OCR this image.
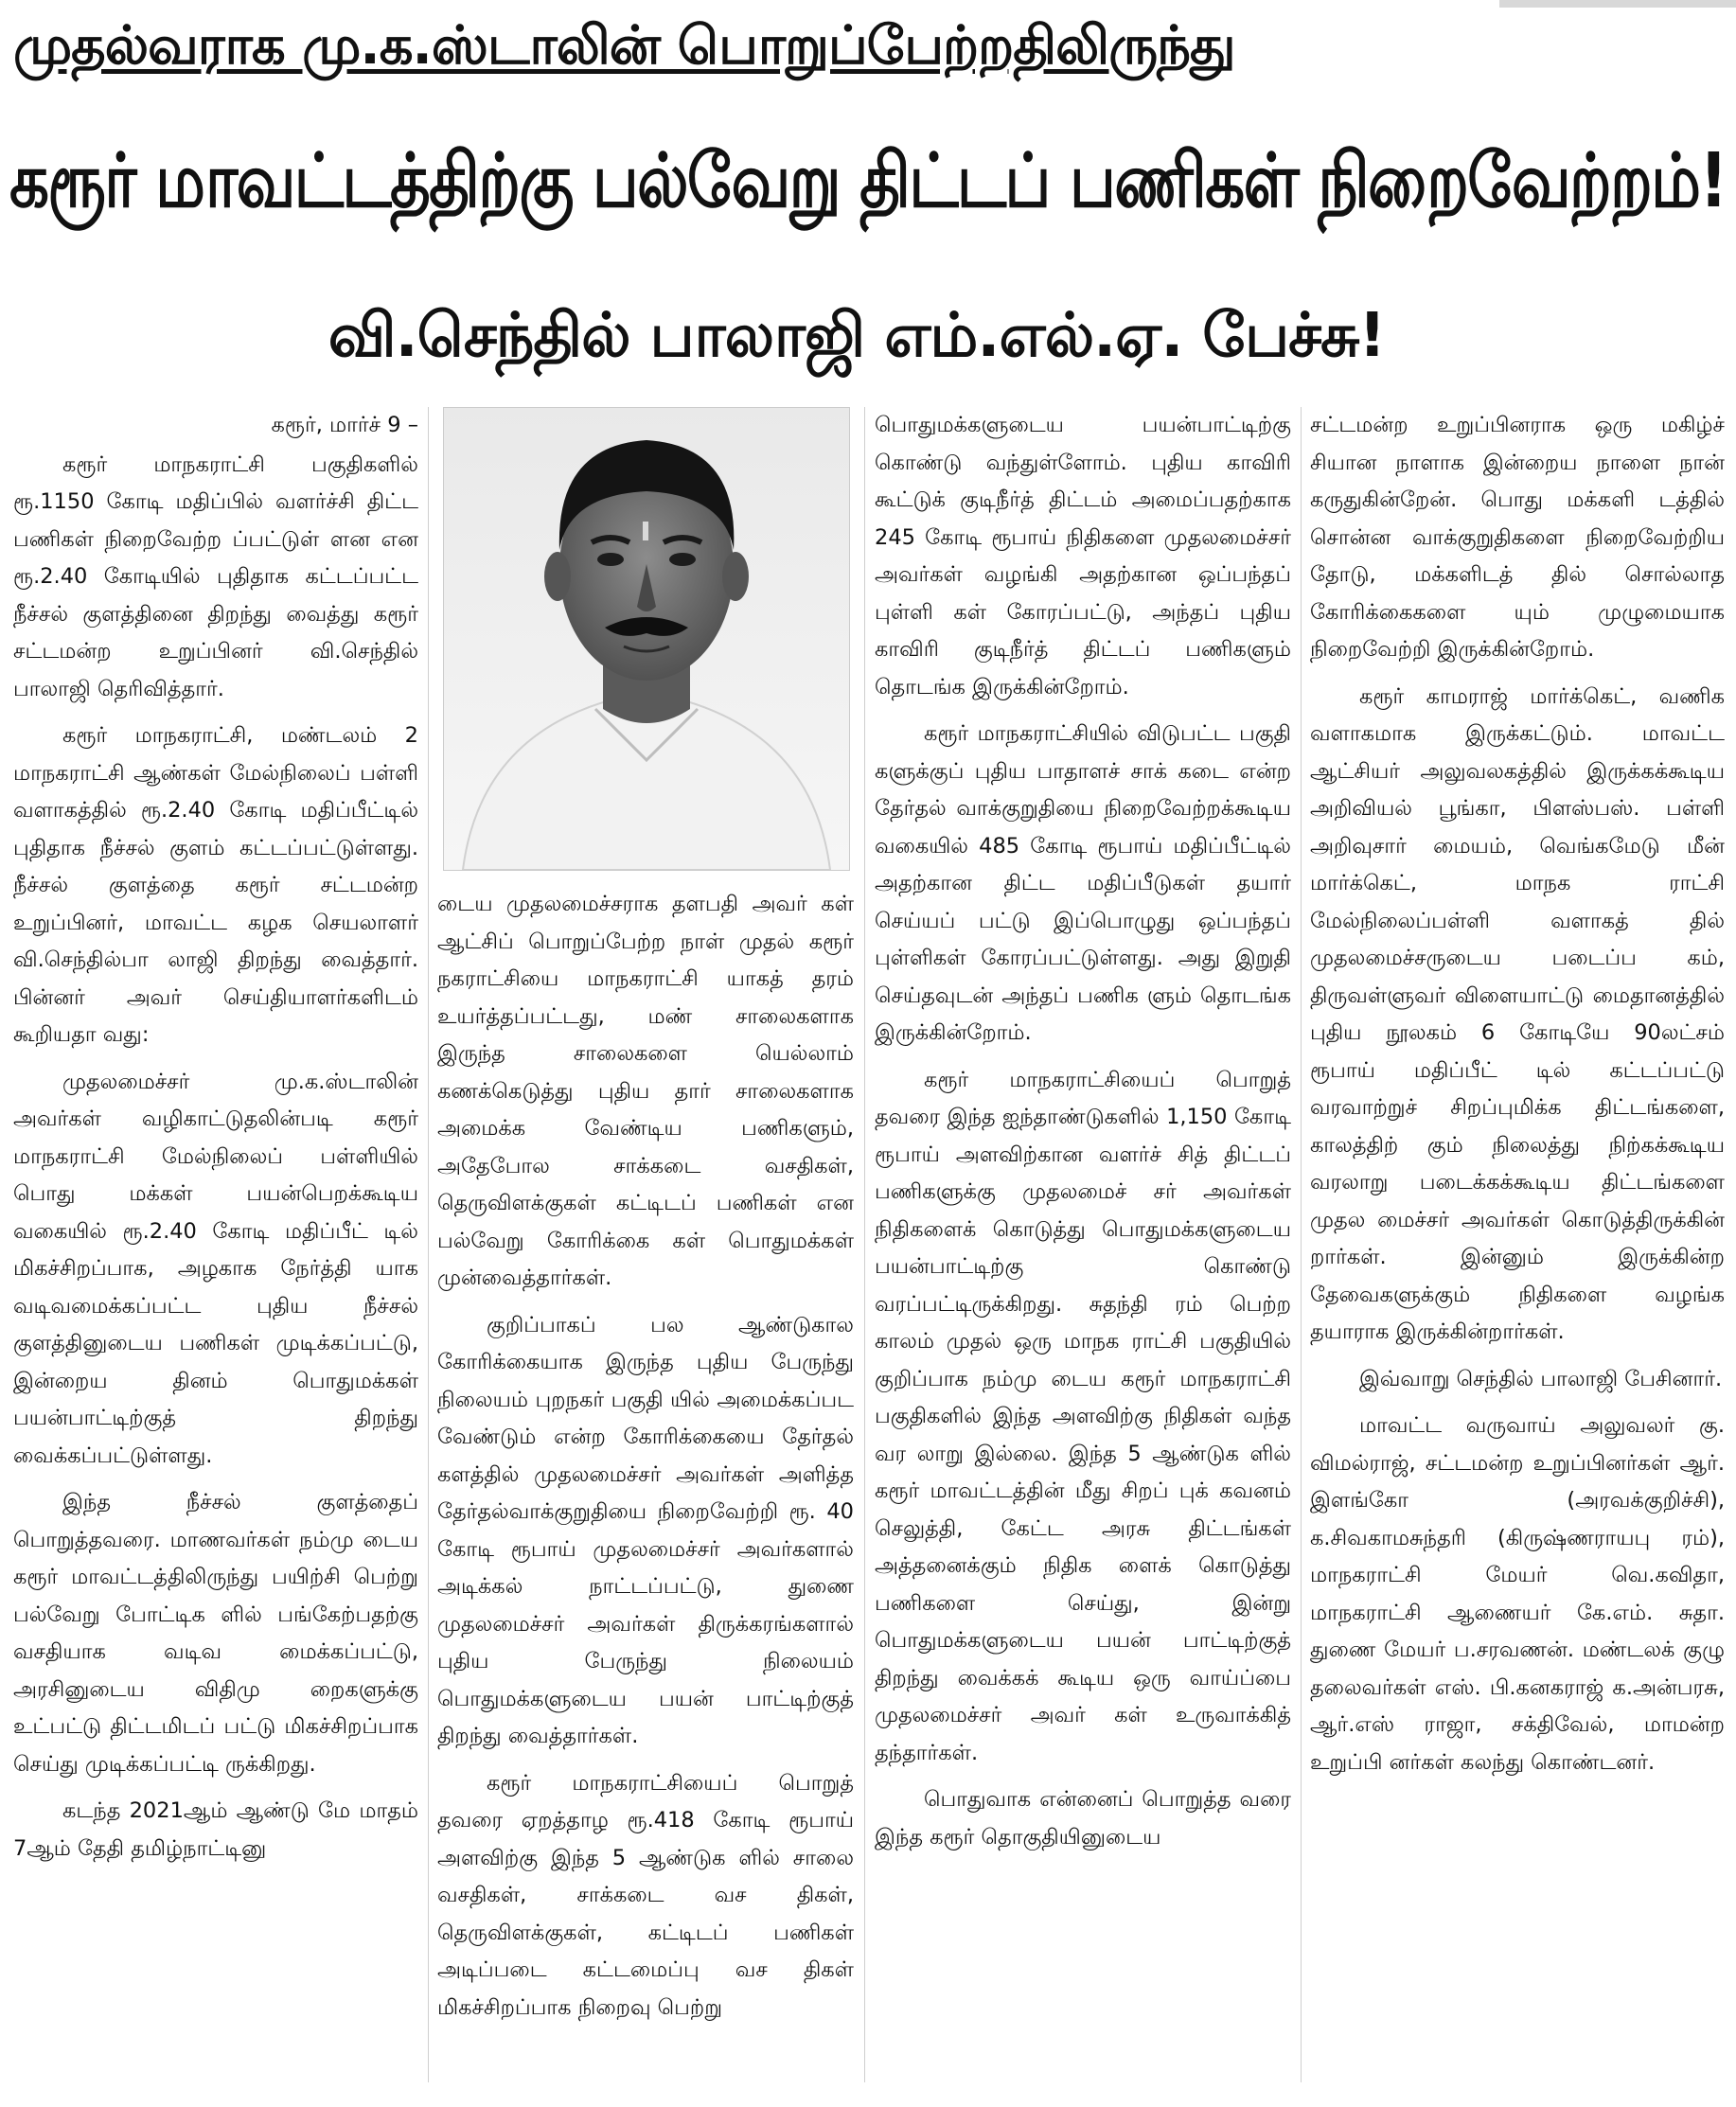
முதல்வராக மு.க.ஸ்டாலின் பொறுப்பேற்றதிலிருந்து
கரூர் மாவட்டத்திற்கு பல்வேறு திட்டப் பணிகள் நிறைவேற்றம்!
வி.செந்தில் பாலாஜி எம்.எல்.ஏ. பேச்சு!

கரூர், மார்ச் 9 –

கரூர் மாநகராட்சி பகுதிகளில் ரூ.1150 கோடி மதிப்பில் வளர்ச்சி திட்ட பணிகள் நிறைவேற்ற ப்பட்டுள் ளன என ரூ.2.40 கோடியில் புதிதாக கட்டப்பட்ட நீச்சல் குளத்தினை திறந்து வைத்து கரூர் சட்டமன்ற உறுப்பினர் வி.செந்தில் பாலாஜி தெரிவித்தார்.

கரூர் மாநகராட்சி, மண்டலம் 2 மாநகராட்சி ஆண்கள் மேல்நிலைப் பள்ளி வளாகத்தில் ரூ.2.40 கோடி மதிப்பீட்டில் புதிதாக நீச்சல் குளம் கட்டப்பட்டுள்ளது. நீச்சல் குளத்தை கரூர் சட்டமன்ற உறுப்பினர், மாவட்ட கழக செயலாளர் வி.செந்தில்பா லாஜி திறந்து வைத்தார். பின்னர் அவர் செய்தியாளர்களிடம் கூறியதா வது:

முதலமைச்சர் மு.க.ஸ்டாலின் அவர்கள் வழிகாட்டுதலின்படி கரூர் மாநகராட்சி மேல்நிலைப் பள்ளியில் பொது மக்கள் பயன்பெறக்கூடிய வகையில் ரூ.2.40 கோடி மதிப்பீட் டில் மிகச்சிறப்பாக, அழகாக நேர்த்தி யாக வடிவமைக்கப்பட்ட புதிய நீச்சல் குளத்தினுடைய பணிகள் முடிக்கப்பட்டு, இன்றைய தினம் பொதுமக்கள் பயன்பாட்டிற்குத் திறந்து வைக்கப்பட்டுள்ளது.

இந்த நீச்சல் குளத்தைப் பொறுத்தவரை. மாணவர்கள் நம்மு டைய கரூர் மாவட்டத்திலிருந்து பயிற்சி பெற்று பல்வேறு போட்டிக ளில் பங்கேற்பதற்கு வசதியாக வடிவ மைக்கப்பட்டு, அரசினுடைய விதிமு றைகளுக்கு உட்பட்டு திட்டமிடப் பட்டு மிகச்சிறப்பாக செய்து முடிக்கப்பட்டி ருக்கிறது.

கடந்த 2021ஆம் ஆண்டு மே மாதம் 7ஆம் தேதி தமிழ்நாட்டினு

டைய முதலமைச்சராக தளபதி அவர் கள் ஆட்சிப் பொறுப்பேற்ற நாள் முதல் கரூர் நகராட்சியை மாநகராட்சி யாகத் தரம் உயர்த்தப்பட்டது, மண் சாலைகளாக இருந்த சாலைகளை யெல்லாம் கணக்கெடுத்து புதிய தார் சாலைகளாக அமைக்க வேண்டிய பணிகளும், அதேபோல சாக்கடை வசதிகள், தெருவிளக்குகள் கட்டிடப் பணிகள் என பல்வேறு கோரிக்கை கள் பொதுமக்கள் முன்வைத்தார்கள்.

குறிப்பாகப் பல ஆண்டுகால கோரிக்கையாக இருந்த புதிய பேருந்து நிலையம் புறநகர் பகுதி யில் அமைக்கப்பட வேண்டும் என்ற கோரிக்கையை தேர்தல் களத்தில் முதலமைச்சர் அவர்கள் அளித்த தேர்தல்வாக்குறுதியை நிறைவேற்றி ரூ. 40 கோடி ரூபாய் முதலமைச்சர் அவர்களால் அடிக்கல் நாட்டப்பட்டு, துணை முதலமைச்சர் அவர்கள் திருக்கரங்களால் புதிய பேருந்து நிலையம் பொதுமக்களுடைய பயன் பாட்டிற்குத் திறந்து வைத்தார்கள்.

கரூர் மாநகராட்சியைப் பொறுத் தவரை ஏறத்தாழ ரூ.418 கோடி ரூபாய் அளவிற்கு இந்த 5 ஆண்டுக ளில் சாலை வசதிகள், சாக்கடை வச திகள், தெருவிளக்குகள், கட்டிடப் பணிகள் அடிப்படை கட்டமைப்பு வச திகள் மிகச்சிறப்பாக நிறைவு பெற்று

பொதுமக்களுடைய பயன்பாட்டிற்கு கொண்டு வந்துள்ளோம். புதிய காவிரி கூட்டுக் குடிநீர்த் திட்டம் அமைப்பதற்காக 245 கோடி ரூபாய் நிதிகளை முதலமைச்சர் அவர்கள் வழங்கி அதற்கான ஒப்பந்தப் புள்ளி கள் கோரப்பட்டு, அந்தப் புதிய காவிரி குடிநீர்த் திட்டப் பணிகளும் தொடங்க இருக்கின்றோம்.

கரூர் மாநகராட்சியில் விடுபட்ட பகுதி களுக்குப் புதிய பாதாளச் சாக் கடை என்ற தேர்தல் வாக்குறுதியை நிறைவேற்றக்கூடிய வகையில் 485 கோடி ரூபாய் மதிப்பீட்டில் அதற்கான திட்ட மதிப்பீடுகள் தயார் செய்யப் பட்டு இப்பொழுது ஒப்பந்தப் புள்ளிகள் கோரப்பட்டுள்ளது. அது இறுதி செய்தவுடன் அந்தப் பணிக ளும் தொடங்க இருக்கின்றோம்.

கரூர் மாநகராட்சியைப் பொறுத் தவரை இந்த ஐந்தாண்டுகளில் 1,150 கோடி ரூபாய் அளவிற்கான வளர்ச் சித் திட்டப் பணிகளுக்கு முதலமைச் சர் அவர்கள் நிதிகளைக் கொடுத்து பொதுமக்களுடைய பயன்பாட்டிற்கு கொண்டு வரப்பட்டிருக்கிறது. சுதந்தி ரம் பெற்ற காலம் முதல் ஒரு மாநக ராட்சி பகுதியில் குறிப்பாக நம்மு டைய கரூர் மாநகராட்சி பகுதிகளில் இந்த அளவிற்கு நிதிகள் வந்த வர லாறு இல்லை. இந்த 5 ஆண்டுக ளில் கரூர் மாவட்டத்தின் மீது சிறப் புக் கவனம் செலுத்தி, கேட்ட அரசு திட்டங்கள் அத்தனைக்கும் நிதிக ளைக் கொடுத்து பணிகளை செய்து, இன்று பொதுமக்களுடைய பயன் பாட்டிற்குத் திறந்து வைக்கக் கூடிய ஒரு வாய்ப்பை முதலமைச்சர் அவர் கள் உருவாக்கித் தந்தார்கள்.

பொதுவாக என்னைப் பொறுத்த வரை இந்த கரூர் தொகுதியினுடைய

சட்டமன்ற உறுப்பினராக ஒரு மகிழ்ச் சியான நாளாக இன்றைய நாளை நான் கருதுகின்றேன். பொது மக்களி டத்தில் சொன்ன வாக்குறுதிகளை நிறைவேற்றிய தோடு, மக்களிடத் தில் சொல்லாத கோரிக்கைகளை யும் முழுமையாக நிறைவேற்றி இருக்கின்றோம்.

கரூர் காமராஜ் மார்க்கெட், வணிக வளாகமாக இருக்கட்டும். மாவட்ட ஆட்சியர் அலுவலகத்தில் இருக்கக்கூடிய அறிவியல் பூங்கா, பிளஸ்பஸ். பள்ளி அறிவுசார் மையம், வெங்கமேடு மீன் மார்க்கெட், மாநக ராட்சி மேல்நிலைப்பள்ளி வளாகத் தில் முதலமைச்சருடைய படைப்ப கம், திருவள்ளுவர் விளையாட்டு மைதானத்தில் புதிய நூலகம் 6 கோடியே 90லட்சம் ரூபாய் மதிப்பீட் டில் கட்டப்பட்டு வரவாற்றுச் சிறப்புமிக்க திட்டங்களை, காலத்திற் கும் நிலைத்து நிற்கக்கூடிய வரலாறு படைக்கக்கூடிய திட்டங்களை முதல மைச்சர் அவர்கள் கொடுத்திருக்கின் றார்கள். இன்னும் இருக்கின்ற தேவைகளுக்கும் நிதிகளை வழங்க தயாராக இருக்கின்றார்கள்.

இவ்வாறு செந்தில் பாலாஜி பேசினார்.

மாவட்ட வருவாய் அலுவலர் கு. விமல்ராஜ், சட்டமன்ற உறுப்பினர்கள் ஆர். இளங்கோ (அரவக்குறிச்சி), க.சிவகாமசுந்தரி (கிருஷ்ணராயபு ரம்), மாநகராட்சி மேயர் வெ.கவிதா, மாநகராட்சி ஆணையர் கே.எம். சுதா. துணை மேயர் ப.சரவணன். மண்டலக் குழு தலைவர்கள் எஸ். பி.கனகராஜ் க.அன்பரசு, ஆர்.எஸ் ராஜா, சக்திவேல், மாமன்ற உறுப்பி னர்கள் கலந்து கொண்டனர்.
